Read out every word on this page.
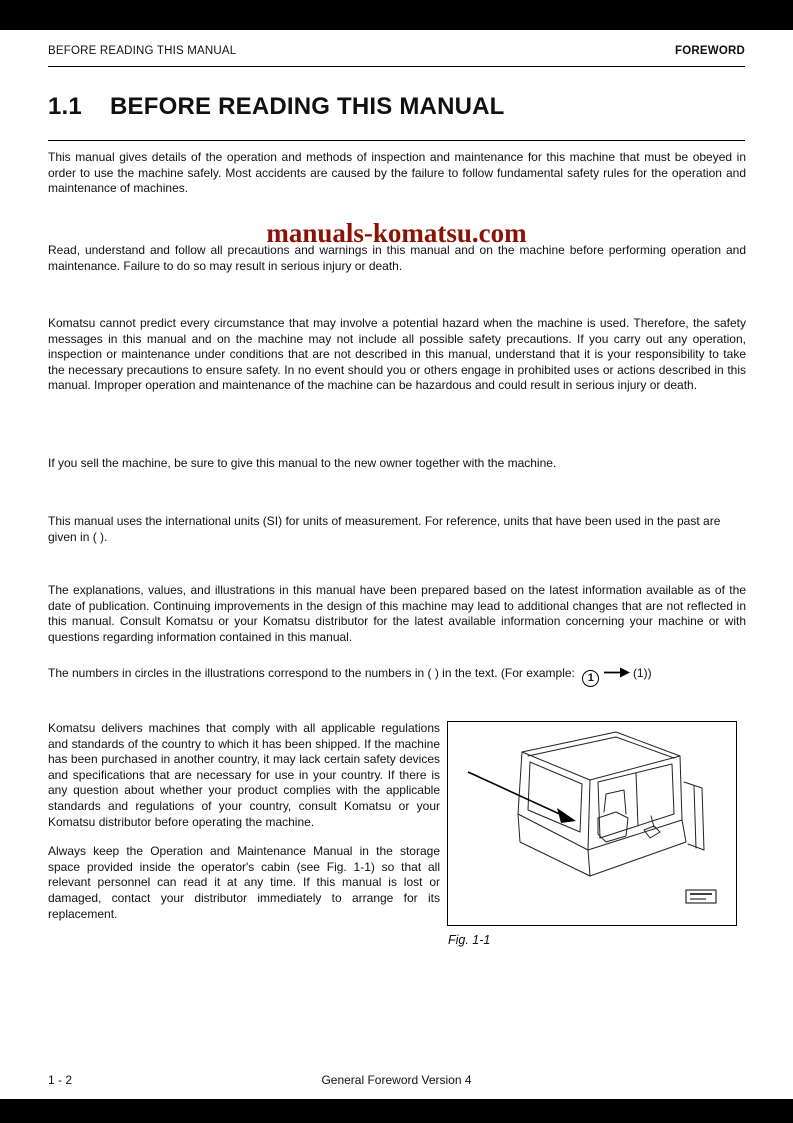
BEFORE READING THIS MANUAL	FOREWORD
1.1 BEFORE READING THIS MANUAL
manuals-komatsu.com

This manual gives details of the operation and methods of inspection and maintenance for this machine that must be obeyed in order to use the machine safely. Most accidents are caused by the failure to follow fundamental safety rules for the operation and maintenance of machines.

Read, understand and follow all precautions and warnings in this manual and on the machine before performing operation and maintenance. Failure to do so may result in serious injury or death.

Komatsu cannot predict every circumstance that may involve a potential hazard when the machine is used. Therefore, the safety messages in this manual and on the machine may not include all possible safety precautions. If you carry out any operation, inspection or maintenance under conditions that are not described in this manual, understand that it is your responsibility to take the necessary precautions to ensure safety. In no event should you or others engage in prohibited uses or actions described in this manual. Improper operation and maintenance of the machine can be hazardous and could result in serious injury or death.

If you sell the machine, be sure to give this manual to the new owner together with the machine.

This manual uses the international units (SI) for units of measurement. For reference, units that have been used in the past are given in ( ).

The explanations, values, and illustrations in this manual have been prepared based on the latest information available as of the date of publication. Continuing improvements in the design of this machine may lead to additional changes that are not reflected in this manual. Consult Komatsu or your Komatsu distributor for the latest available information concerning your machine or with questions regarding information contained in this manual.

The numbers in circles in the illustrations correspond to the numbers in ( ) in the text. (For example: 1	(1))

Komatsu delivers machines that comply with all applicable regulations and standards of the country to which it has been shipped. If the machine has been purchased in another country, it may lack certain safety devices and specifications that are necessary for use in your country. If there is any question about whether your product complies with the applicable standards and regulations of your country, consult Komatsu or your Komatsu distributor before operating the machine.

Always keep the Operation and Maintenance Manual in the storage space provided inside the operator's cabin (see Fig. 1-1) so that all relevant personnel can read it at any time. If this manual is lost or damaged, contact your distributor immediately to arrange for its replacement.

Fig. 1-1
1 - 2	General Foreword Version 4
